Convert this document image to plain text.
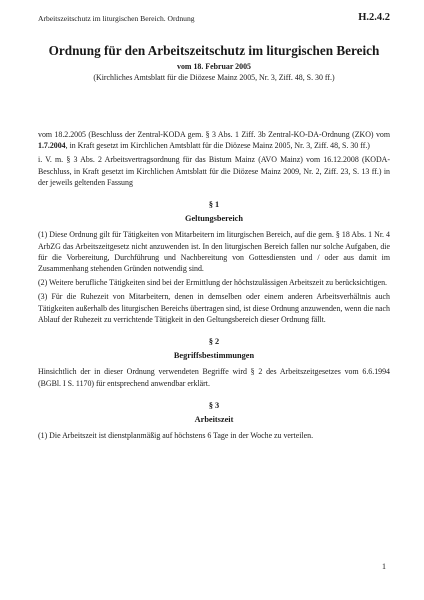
Arbeitszeitschutz im liturgischen Bereich. Ordnung	H.2.4.2
Ordnung für den Arbeitszeitschutz im liturgischen Bereich
vom 18. Februar 2005
(Kirchliches Amtsblatt für die Diözese Mainz 2005, Nr. 3, Ziff. 48, S. 30 ff.)

vom 18.2.2005 (Beschluss der Zentral-KODA gem. § 3 Abs. 1 Ziff. 3b Zentral-KO-DA-Ordnung (ZKO) vom 1.7.2004, in Kraft gesetzt im Kirchlichen Amtsblatt für die Diözese Mainz 2005, Nr. 3, Ziff. 48, S. 30 ff.)

i. V. m. § 3 Abs. 2 Arbeitsvertragsordnung für das Bistum Mainz (AVO Mainz) vom 16.12.2008 (KODA-Beschluss, in Kraft gesetzt im Kirchlichen Amtsblatt für die Diözese Mainz 2009, Nr. 2, Ziff. 23, S. 13 ff.) in der jeweils geltenden Fassung

§ 1
Geltungsbereich

(1) Diese Ordnung gilt für Tätigkeiten von Mitarbeitern im liturgischen Bereich, auf die gem. § 18 Abs. 1 Nr. 4 ArbZG das Arbeitszeitgesetz nicht anzuwenden ist. In den liturgischen Bereich fallen nur solche Aufgaben, die für die Vorbereitung, Durchführung und Nachbereitung von Gottesdiensten und / oder aus damit im Zusammenhang stehenden Gründen notwendig sind.

(2) Weitere berufliche Tätigkeiten sind bei der Ermittlung der höchstzulässigen Arbeitszeit zu berücksichtigen.

(3) Für die Ruhezeit von Mitarbeitern, denen in demselben oder einem anderen Arbeitsverhältnis auch Tätigkeiten außerhalb des liturgischen Bereichs übertragen sind, ist diese Ordnung anzuwenden, wenn die nach Ablauf der Ruhezeit zu verrichtende Tätigkeit in den Geltungsbereich dieser Ordnung fällt.

§ 2
Begriffsbestimmungen

Hinsichtlich der in dieser Ordnung verwendeten Begriffe wird § 2 des Arbeitszeitgesetzes vom 6.6.1994 (BGBl. I S. 1170) für entsprechend anwendbar erklärt.

§ 3
Arbeitszeit

(1) Die Arbeitszeit ist dienstplanmäßig auf höchstens 6 Tage in der Woche zu verteilen.

1
